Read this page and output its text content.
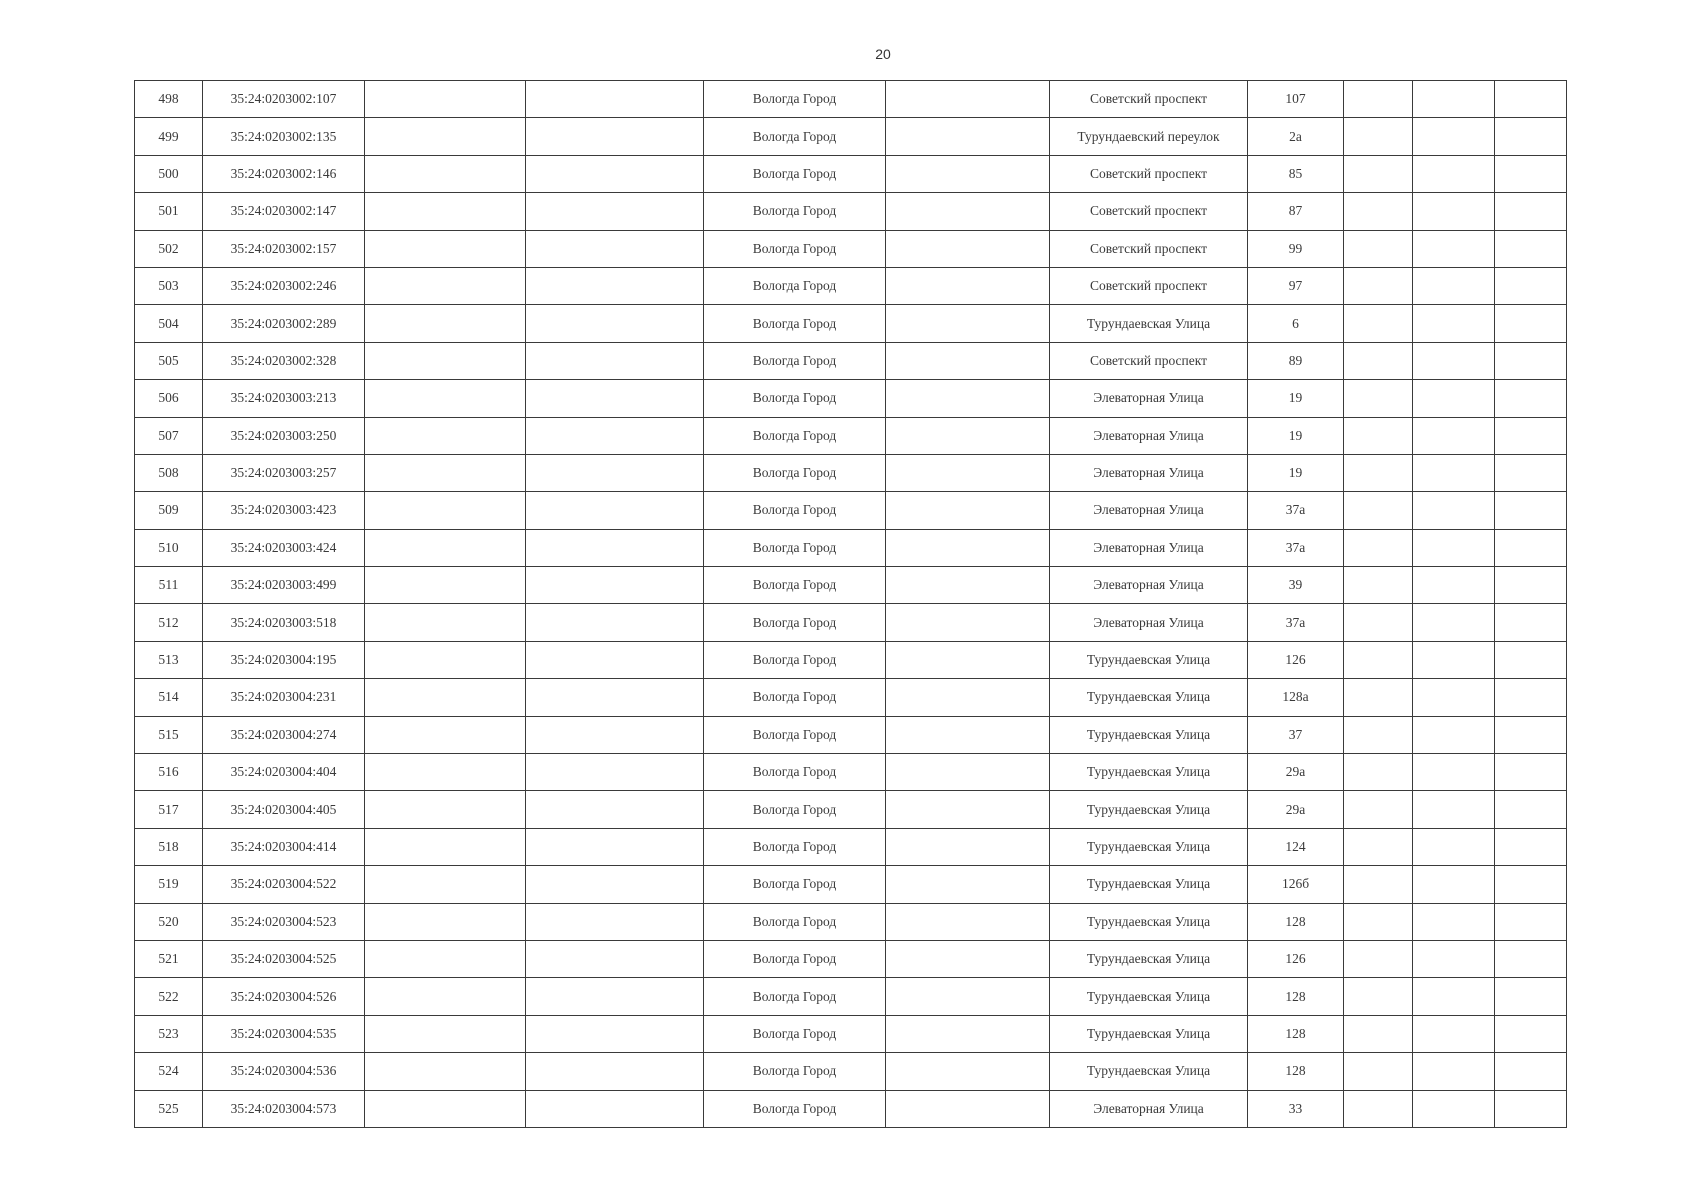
20
498	35:24:0203002:107			Вологда Город		Советский проспект	107			
499	35:24:0203002:135			Вологда Город		Турундаевский переулок	2а			
500	35:24:0203002:146			Вологда Город		Советский проспект	85			
501	35:24:0203002:147			Вологда Город		Советский проспект	87			
502	35:24:0203002:157			Вологда Город		Советский проспект	99			
503	35:24:0203002:246			Вологда Город		Советский проспект	97			
504	35:24:0203002:289			Вологда Город		Турундаевская Улица	6			
505	35:24:0203002:328			Вологда Город		Советский проспект	89			
506	35:24:0203003:213			Вологда Город		Элеваторная Улица	19			
507	35:24:0203003:250			Вологда Город		Элеваторная Улица	19			
508	35:24:0203003:257			Вологда Город		Элеваторная Улица	19			
509	35:24:0203003:423			Вологда Город		Элеваторная Улица	37а			
510	35:24:0203003:424			Вологда Город		Элеваторная Улица	37а			
511	35:24:0203003:499			Вологда Город		Элеваторная Улица	39			
512	35:24:0203003:518			Вологда Город		Элеваторная Улица	37а			
513	35:24:0203004:195			Вологда Город		Турундаевская Улица	126			
514	35:24:0203004:231			Вологда Город		Турундаевская Улица	128а			
515	35:24:0203004:274			Вологда Город		Турундаевская Улица	37			
516	35:24:0203004:404			Вологда Город		Турундаевская Улица	29а			
517	35:24:0203004:405			Вологда Город		Турундаевская Улица	29а			
518	35:24:0203004:414			Вологда Город		Турундаевская Улица	124			
519	35:24:0203004:522			Вологда Город		Турундаевская Улица	126б			
520	35:24:0203004:523			Вологда Город		Турундаевская Улица	128			
521	35:24:0203004:525			Вологда Город		Турундаевская Улица	126			
522	35:24:0203004:526			Вологда Город		Турундаевская Улица	128			
523	35:24:0203004:535			Вологда Город		Турундаевская Улица	128			
524	35:24:0203004:536			Вологда Город		Турундаевская Улица	128			
525	35:24:0203004:573			Вологда Город		Элеваторная Улица	33			
